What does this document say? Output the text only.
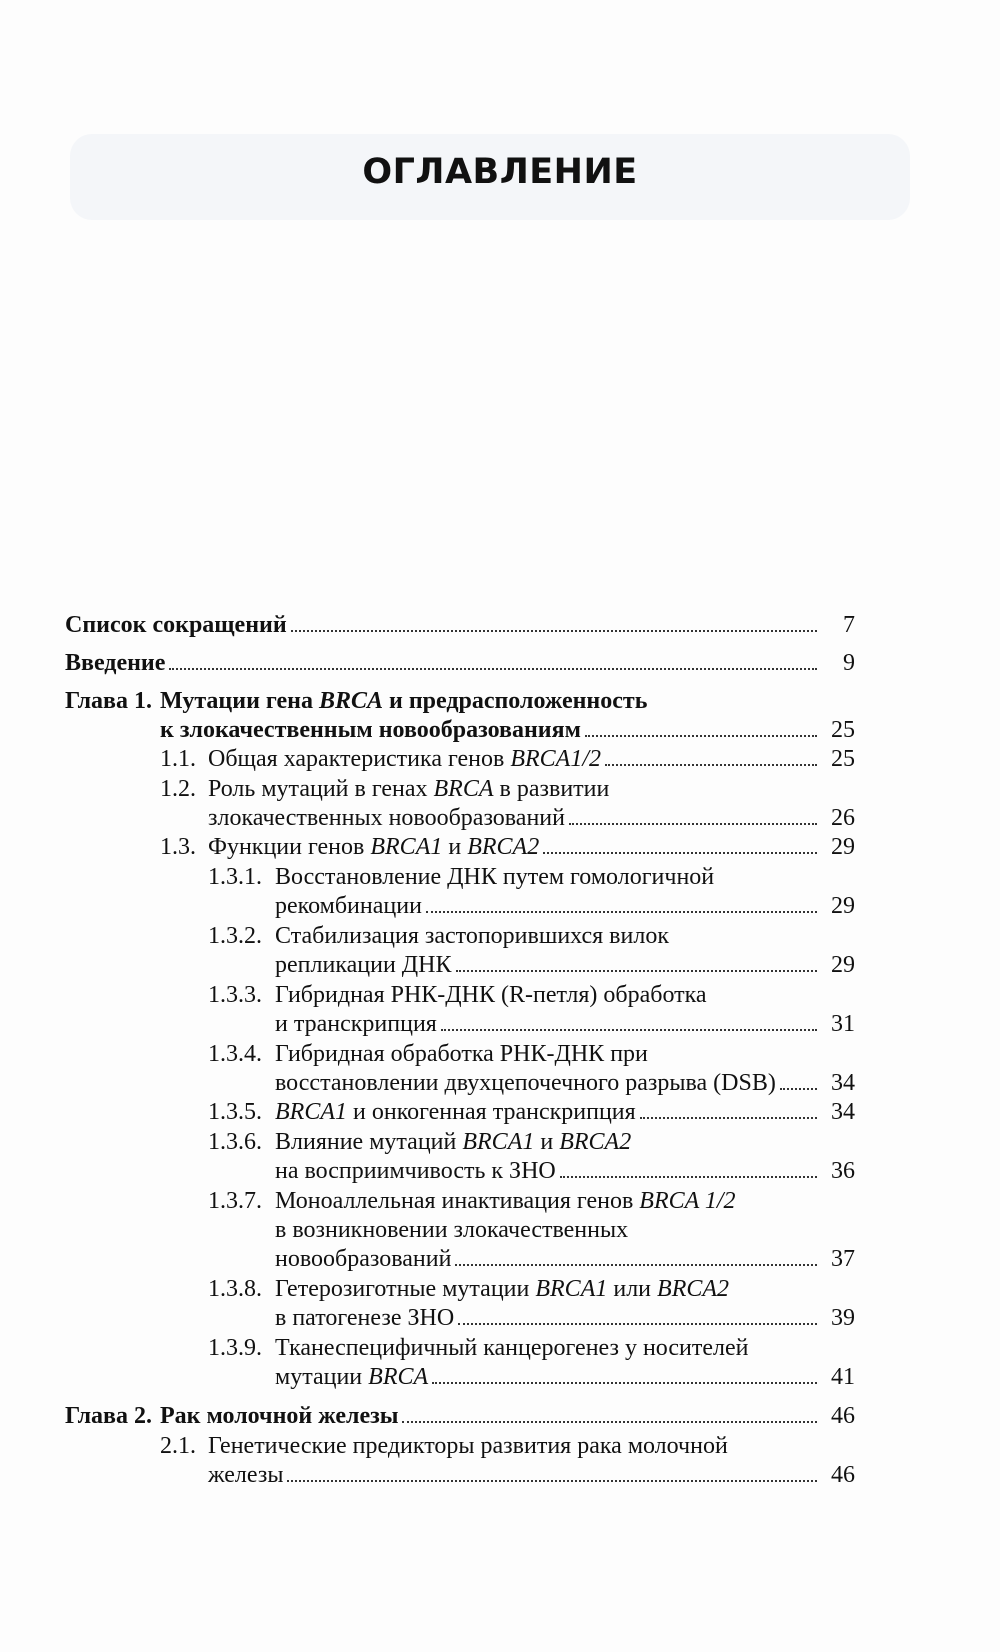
ОГЛАВЛЕНИЕ
Список сокращений	7
Введение	9
Глава 1. Мутации гена BRCA и предрасположенность
к злокачественным новообразованиям	25
1.1. Общая характеристика генов BRCA1/2	25
1.2. Роль мутаций в генах BRCA в развитии
злокачественных новообразований	26
1.3. Функции генов BRCA1 и BRCA2	29
1.3.1. Восстановление ДНК путем гомологичной
рекомбинации	29
1.3.2. Стабилизация застопорившихся вилок
репликации ДНК	29
1.3.3. Гибридная РНК-ДНК (R-петля) обработка
и транскрипция	31
1.3.4. Гибридная обработка РНК-ДНК при
восстановлении двухцепочечного разрыва (DSB)	34
1.3.5. BRCA1 и онкогенная транскрипция	34
1.3.6. Влияние мутаций BRCA1 и BRCA2
на восприимчивость к ЗНО	36
1.3.7. Моноаллельная инактивация генов BRCA 1/2
в возникновении злокачественных
новообразований	37
1.3.8. Гетерозиготные мутации BRCA1 или BRCA2
в патогенезе ЗНО	39
1.3.9. Тканеспецифичный канцерогенез у носителей
мутации BRCA	41
Глава 2. Рак молочной железы	46
2.1. Генетические предикторы развития рака молочной
железы	46
